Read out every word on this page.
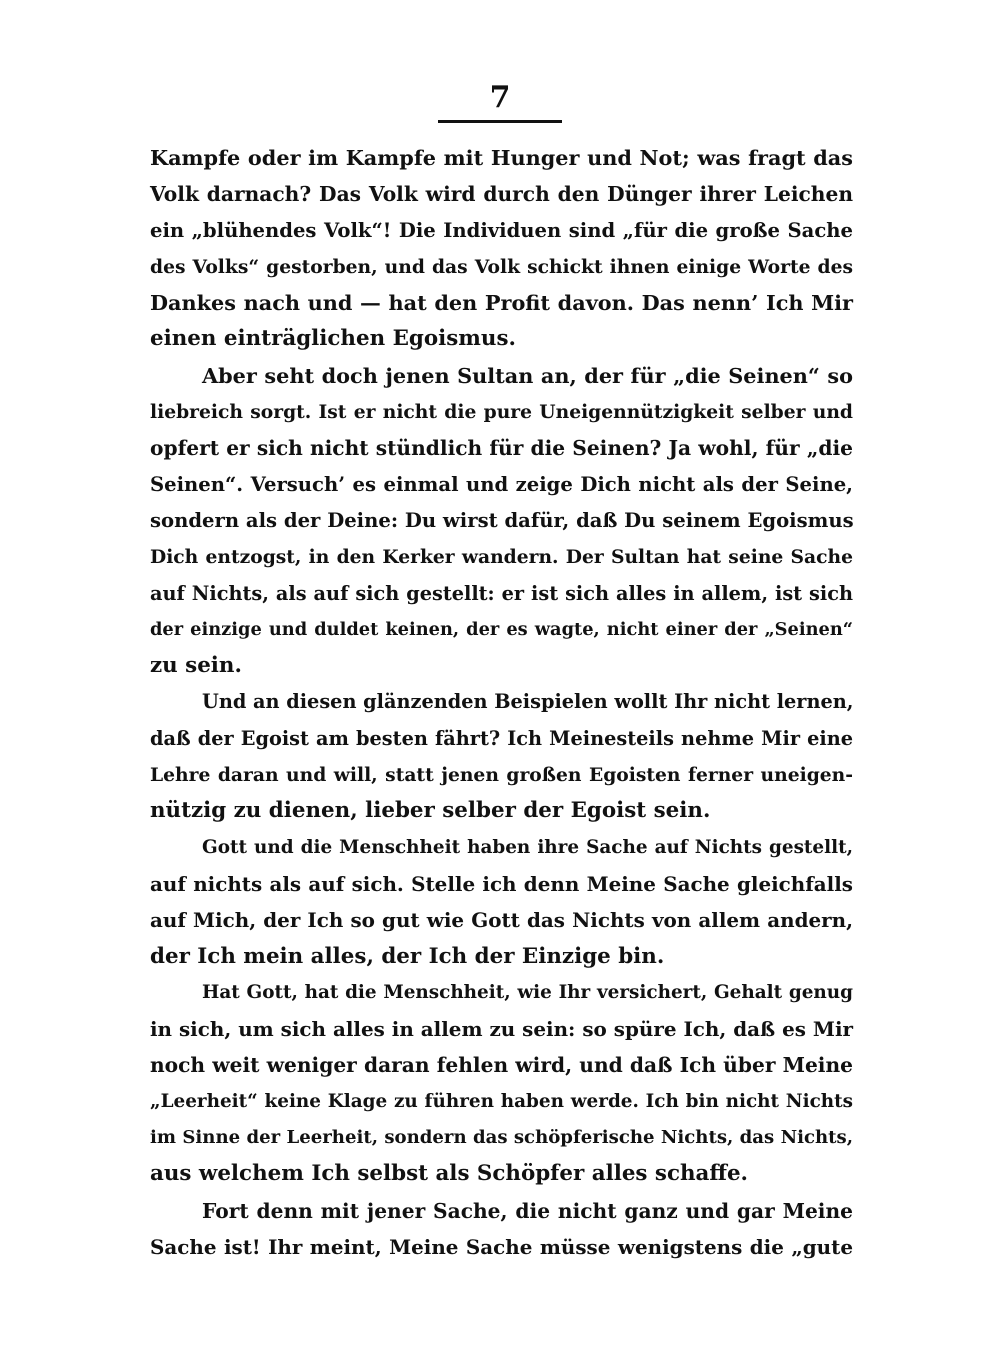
7
Kampfe oder im Kampfe mit Hunger und Not; was fragt das
Volk darnach? Das Volk wird durch den Dünger ihrer Leichen
ein „blühendes Volk“! Die Individuen sind „für die große Sache
des Volks“ gestorben, und das Volk schickt ihnen einige Worte des
Dankes nach und — hat den Profit davon. Das nenn’ Ich Mir
einen einträglichen Egoismus.
Aber seht doch jenen Sultan an, der für „die Seinen“ so
liebreich sorgt. Ist er nicht die pure Uneigennützigkeit selber und
opfert er sich nicht stündlich für die Seinen? Ja wohl, für „die
Seinen“. Versuch’ es einmal und zeige Dich nicht als der Seine,
sondern als der Deine: Du wirst dafür, daß Du seinem Egoismus
Dich entzogst, in den Kerker wandern. Der Sultan hat seine Sache
auf Nichts, als auf sich gestellt: er ist sich alles in allem, ist sich
der einzige und duldet keinen, der es wagte, nicht einer der „Seinen“
zu sein.
Und an diesen glänzenden Beispielen wollt Ihr nicht lernen,
daß der Egoist am besten fährt? Ich Meinesteils nehme Mir eine
Lehre daran und will, statt jenen großen Egoisten ferner uneigen-
nützig zu dienen, lieber selber der Egoist sein.
Gott und die Menschheit haben ihre Sache auf Nichts gestellt,
auf nichts als auf sich. Stelle ich denn Meine Sache gleichfalls
auf Mich, der Ich so gut wie Gott das Nichts von allem andern,
der Ich mein alles, der Ich der Einzige bin.
Hat Gott, hat die Menschheit, wie Ihr versichert, Gehalt genug
in sich, um sich alles in allem zu sein: so spüre Ich, daß es Mir
noch weit weniger daran fehlen wird, und daß Ich über Meine
„Leerheit“ keine Klage zu führen haben werde. Ich bin nicht Nichts
im Sinne der Leerheit, sondern das schöpferische Nichts, das Nichts,
aus welchem Ich selbst als Schöpfer alles schaffe.
Fort denn mit jener Sache, die nicht ganz und gar Meine
Sache ist! Ihr meint, Meine Sache müsse wenigstens die „gute
